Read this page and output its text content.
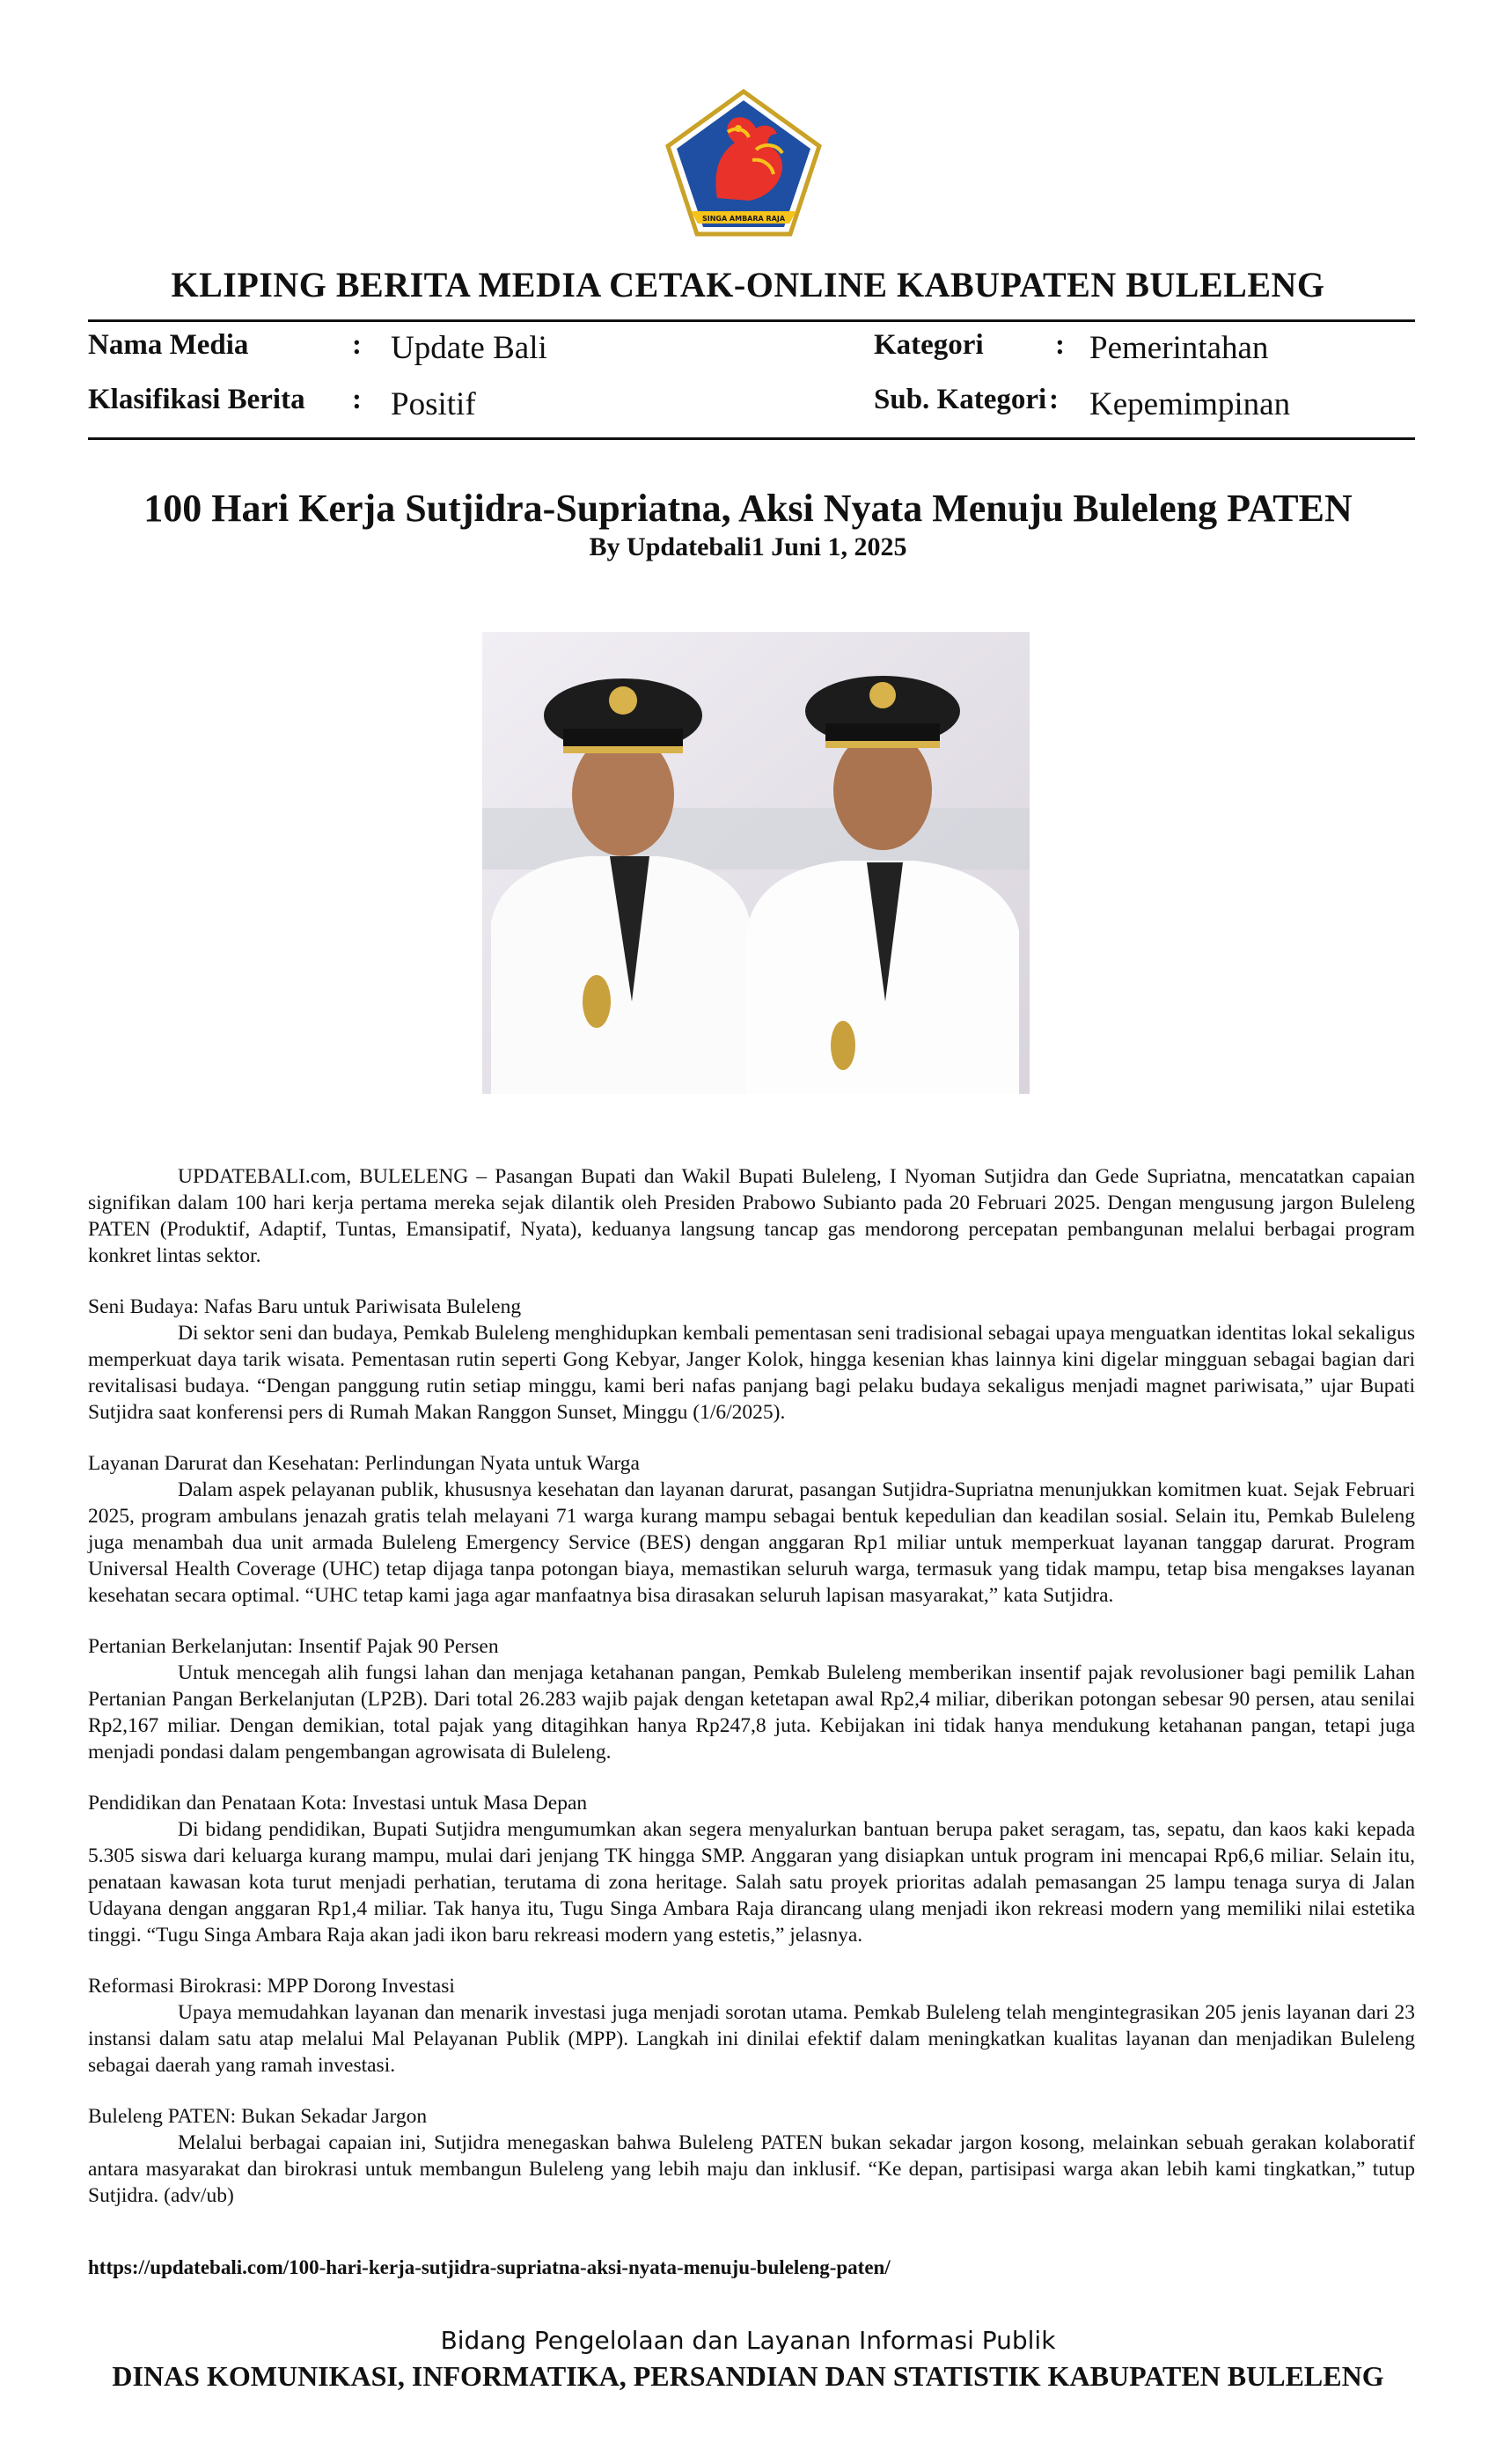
SINGA AMBARA RAJA
KLIPING BERITA MEDIA CETAK-ONLINE KABUPATEN BULELENG
Nama Media	: Update Bali	Kategori : Pemerintahan
Klasifikasi Berita : Positif	Sub. Kategori : Kepemimpinan
100 Hari Kerja Sutjidra-Supriatna, Aksi Nyata Menuju Buleleng PATEN
By Updatebali1 Juni 1, 2025

UPDATEBALI.com, BULELENG – Pasangan Bupati dan Wakil Bupati Buleleng, I Nyoman Sutjidra dan Gede Supriatna, mencatatkan capaian signifikan dalam 100 hari kerja pertama mereka sejak dilantik oleh Presiden Prabowo Subianto pada 20 Februari 2025. Dengan mengusung jargon Buleleng PATEN (Produktif, Adaptif, Tuntas, Emansipatif, Nyata), keduanya langsung tancap gas mendorong percepatan pembangunan melalui berbagai program konkret lintas sektor.

Seni Budaya: Nafas Baru untuk Pariwisata Buleleng

Di sektor seni dan budaya, Pemkab Buleleng menghidupkan kembali pementasan seni tradisional sebagai upaya menguatkan identitas lokal sekaligus memperkuat daya tarik wisata. Pementasan rutin seperti Gong Kebyar, Janger Kolok, hingga kesenian khas lainnya kini digelar mingguan sebagai bagian dari revitalisasi budaya. “Dengan panggung rutin setiap minggu, kami beri nafas panjang bagi pelaku budaya sekaligus menjadi magnet pariwisata,” ujar Bupati Sutjidra saat konferensi pers di Rumah Makan Ranggon Sunset, Minggu (1/6/2025).

Layanan Darurat dan Kesehatan: Perlindungan Nyata untuk Warga

Dalam aspek pelayanan publik, khususnya kesehatan dan layanan darurat, pasangan Sutjidra-Supriatna menunjukkan komitmen kuat. Sejak Februari 2025, program ambulans jenazah gratis telah melayani 71 warga kurang mampu sebagai bentuk kepedulian dan keadilan sosial. Selain itu, Pemkab Buleleng juga menambah dua unit armada Buleleng Emergency Service (BES) dengan anggaran Rp1 miliar untuk memperkuat layanan tanggap darurat. Program Universal Health Coverage (UHC) tetap dijaga tanpa potongan biaya, memastikan seluruh warga, termasuk yang tidak mampu, tetap bisa mengakses layanan kesehatan secara optimal. “UHC tetap kami jaga agar manfaatnya bisa dirasakan seluruh lapisan masyarakat,” kata Sutjidra.

Pertanian Berkelanjutan: Insentif Pajak 90 Persen

Untuk mencegah alih fungsi lahan dan menjaga ketahanan pangan, Pemkab Buleleng memberikan insentif pajak revolusioner bagi pemilik Lahan Pertanian Pangan Berkelanjutan (LP2B). Dari total 26.283 wajib pajak dengan ketetapan awal Rp2,4 miliar, diberikan potongan sebesar 90 persen, atau senilai Rp2,167 miliar. Dengan demikian, total pajak yang ditagihkan hanya Rp247,8 juta. Kebijakan ini tidak hanya mendukung ketahanan pangan, tetapi juga menjadi pondasi dalam pengembangan agrowisata di Buleleng.

Pendidikan dan Penataan Kota: Investasi untuk Masa Depan

Di bidang pendidikan, Bupati Sutjidra mengumumkan akan segera menyalurkan bantuan berupa paket seragam, tas, sepatu, dan kaos kaki kepada 5.305 siswa dari keluarga kurang mampu, mulai dari jenjang TK hingga SMP. Anggaran yang disiapkan untuk program ini mencapai Rp6,6 miliar. Selain itu, penataan kawasan kota turut menjadi perhatian, terutama di zona heritage. Salah satu proyek prioritas adalah pemasangan 25 lampu tenaga surya di Jalan Udayana dengan anggaran Rp1,4 miliar. Tak hanya itu, Tugu Singa Ambara Raja dirancang ulang menjadi ikon rekreasi modern yang memiliki nilai estetika tinggi. “Tugu Singa Ambara Raja akan jadi ikon baru rekreasi modern yang estetis,” jelasnya.

Reformasi Birokrasi: MPP Dorong Investasi

Upaya memudahkan layanan dan menarik investasi juga menjadi sorotan utama. Pemkab Buleleng telah mengintegrasikan 205 jenis layanan dari 23 instansi dalam satu atap melalui Mal Pelayanan Publik (MPP). Langkah ini dinilai efektif dalam meningkatkan kualitas layanan dan menjadikan Buleleng sebagai daerah yang ramah investasi.

Buleleng PATEN: Bukan Sekadar Jargon

Melalui berbagai capaian ini, Sutjidra menegaskan bahwa Buleleng PATEN bukan sekadar jargon kosong, melainkan sebuah gerakan kolaboratif antara masyarakat dan birokrasi untuk membangun Buleleng yang lebih maju dan inklusif. “Ke depan, partisipasi warga akan lebih kami tingkatkan,” tutup Sutjidra. (adv/ub)

https://updatebali.com/100-hari-kerja-sutjidra-supriatna-aksi-nyata-menuju-buleleng-paten/
Bidang Pengelolaan dan Layanan Informasi Publik
DINAS KOMUNIKASI, INFORMATIKA, PERSANDIAN DAN STATISTIK KABUPATEN BULELENG
